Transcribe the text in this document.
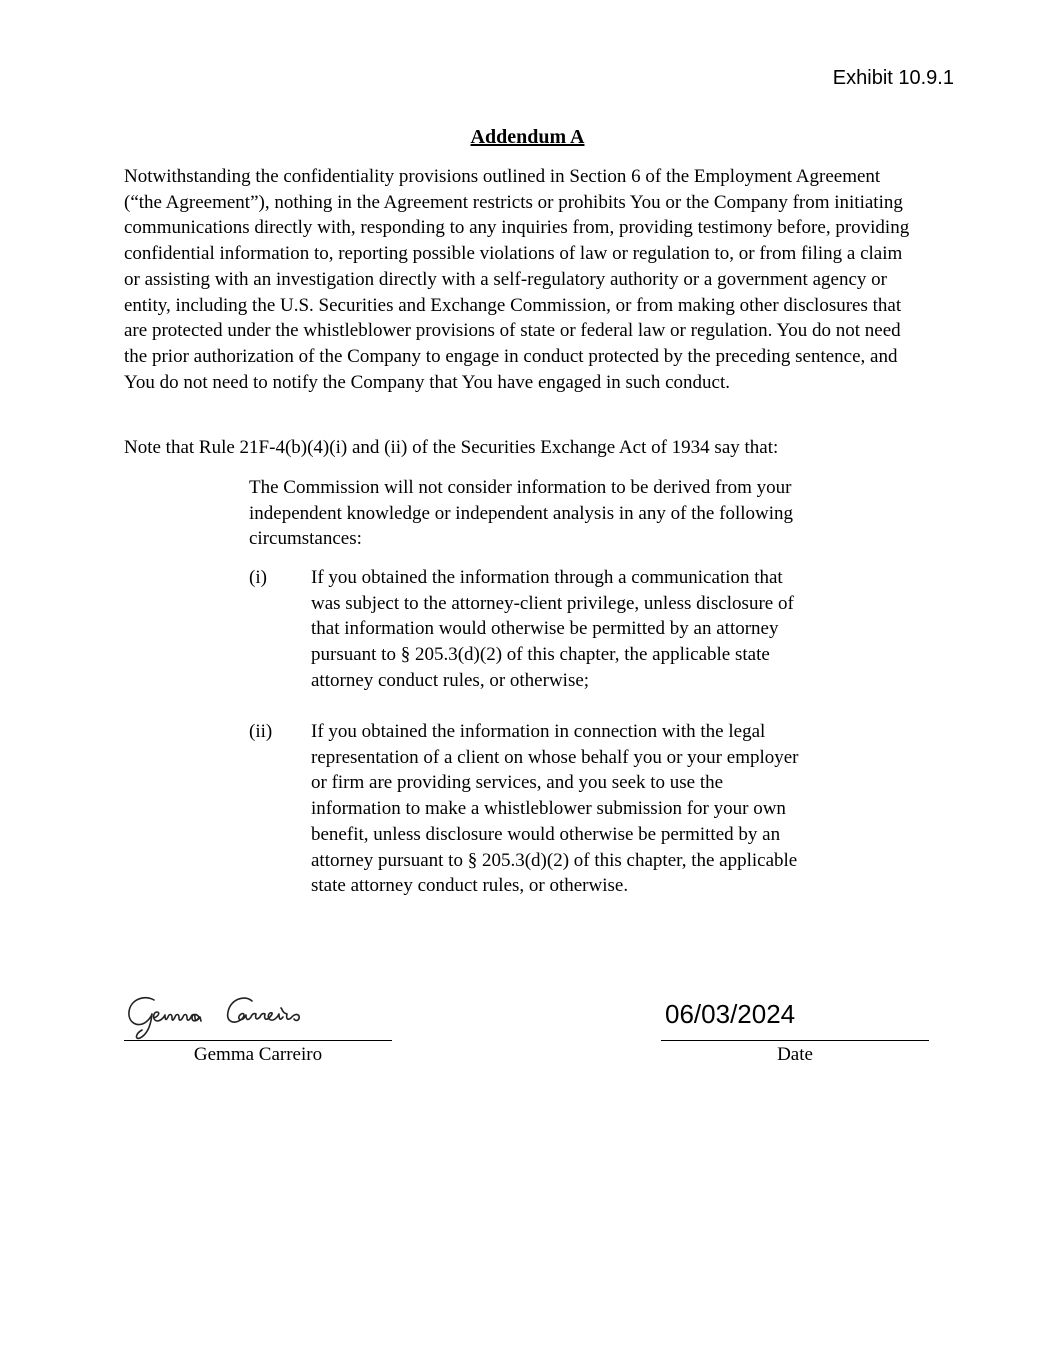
Exhibit 10.9.1
Addendum A

Notwithstanding the confidentiality provisions outlined in Section 6 of the Employment Agreement (“the Agreement”), nothing in the Agreement restricts or prohibits You or the Company from initiating communications directly with, responding to any inquiries from, providing testimony before, providing confidential information to, reporting possible violations of law or regulation to, or from filing a claim or assisting with an investigation directly with a self-regulatory authority or a government agency or entity, including the U.S. Securities and Exchange Commission, or from making other disclosures that are protected under the whistleblower provisions of state or federal law or regulation. You do not need the prior authorization of the Company to engage in conduct protected by the preceding sentence, and You do not need to notify the Company that You have engaged in such conduct.

Note that Rule 21F-4(b)(4)(i) and (ii) of the Securities Exchange Act of 1934 say that:

The Commission will not consider information to be derived from your independent knowledge or independent analysis in any of the following circumstances:

(i) If you obtained the information through a communication that was subject to the attorney-client privilege, unless disclosure of that information would otherwise be permitted by an attorney pursuant to § 205.3(d)(2) of this chapter, the applicable state attorney conduct rules, or otherwise;
(ii) If you obtained the information in connection with the legal representation of a client on whose behalf you or your employer or firm are providing services, and you seek to use the information to make a whistleblower submission for your own benefit, unless disclosure would otherwise be permitted by an attorney pursuant to § 205.3(d)(2) of this chapter, the applicable state attorney conduct rules, or otherwise.
Gemma Carreiro
06/03/2024
Date
